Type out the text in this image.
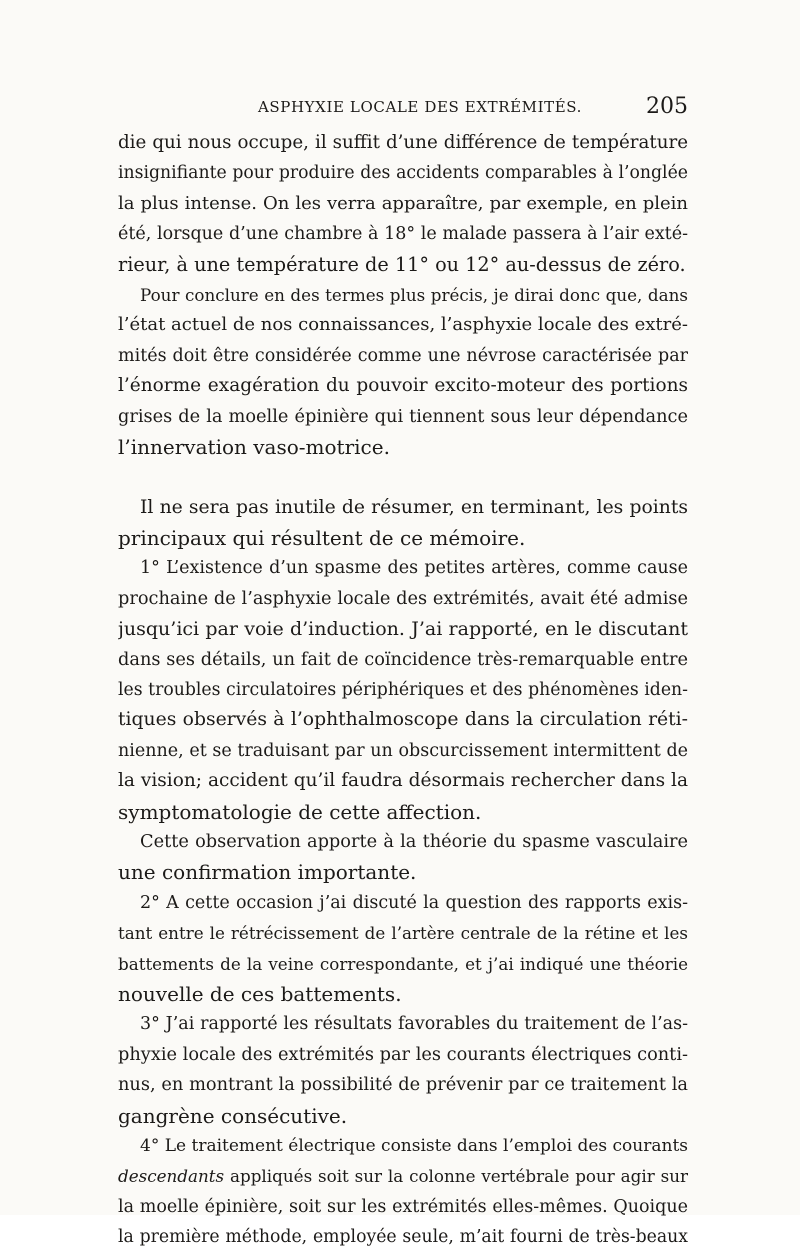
ASPHYXIE LOCALE DES EXTRÉMITÉS.	205
die qui nous occupe, il suffit d’une différence de température
insignifiante pour produire des accidents comparables à l’onglée
la plus intense. On les verra apparaître, par exemple, en plein
été, lorsque d’une chambre à 18° le malade passera à l’air exté-
rieur, à une température de 11° ou 12° au-dessus de zéro.
Pour conclure en des termes plus précis, je dirai donc que, dans
l’état actuel de nos connaissances, l’asphyxie locale des extré-
mités doit être considérée comme une névrose caractérisée par
l’énorme exagération du pouvoir excito-moteur des portions
grises de la moelle épinière qui tiennent sous leur dépendance
l’innervation vaso-motrice.
Il ne sera pas inutile de résumer, en terminant, les points
principaux qui résultent de ce mémoire.
1° L’existence d’un spasme des petites artères, comme cause
prochaine de l’asphyxie locale des extrémités, avait été admise
jusqu’ici par voie d’induction. J’ai rapporté, en le discutant
dans ses détails, un fait de coïncidence très-remarquable entre
les troubles circulatoires périphériques et des phénomènes iden-
tiques observés à l’ophthalmoscope dans la circulation réti-
nienne, et se traduisant par un obscurcissement intermittent de
la vision; accident qu’il faudra désormais rechercher dans la
symptomatologie de cette affection.
Cette observation apporte à la théorie du spasme vasculaire
une confirmation importante.
2° A cette occasion j’ai discuté la question des rapports exis-
tant entre le rétrécissement de l’artère centrale de la rétine et les
battements de la veine correspondante, et j’ai indiqué une théorie
nouvelle de ces battements.
3° J’ai rapporté les résultats favorables du traitement de l’as-
phyxie locale des extrémités par les courants électriques conti-
nus, en montrant la possibilité de prévenir par ce traitement la
gangrène consécutive.
4° Le traitement électrique consiste dans l’emploi des courants
descendants appliqués soit sur la colonne vertébrale pour agir sur
la moelle épinière, soit sur les extrémités elles-mêmes. Quoique
la première méthode, employée seule, m’ait fourni de très-beaux
